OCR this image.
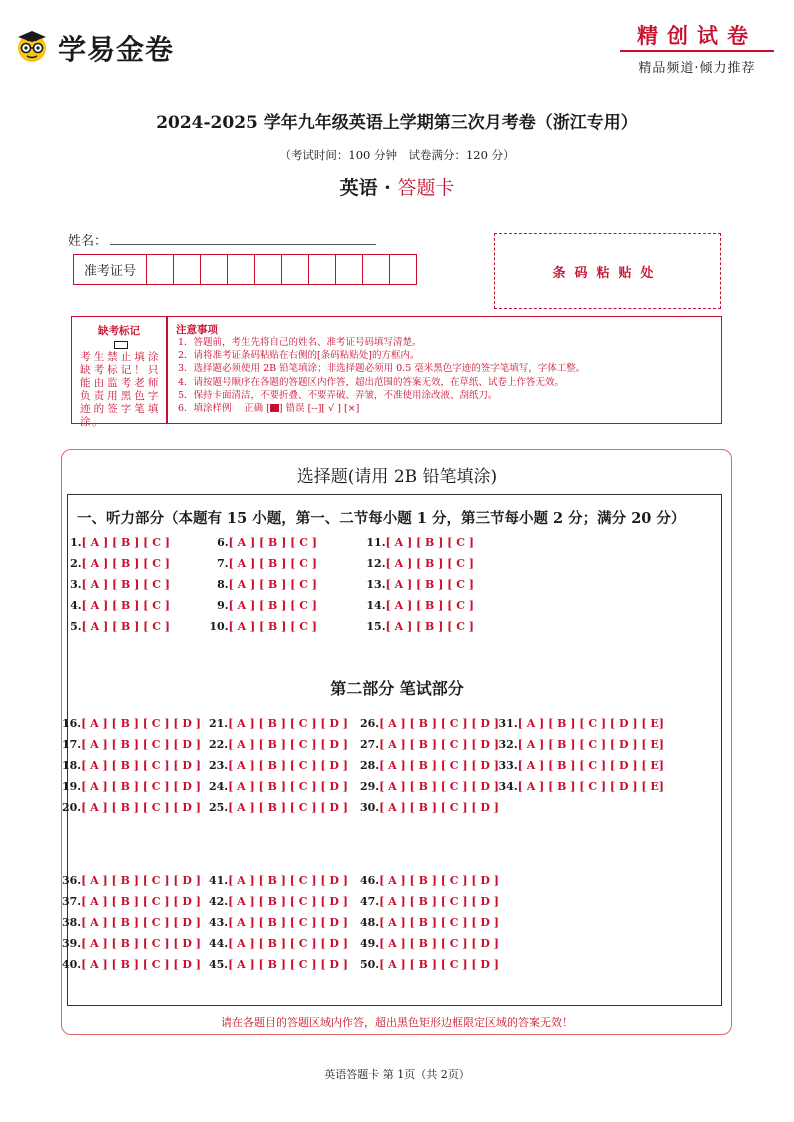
学易金卷	精创试卷
精品频道·倾力推荐
2024-2025 学年九年级英语上学期第三次月考卷（浙江专用）
（考试时间：100 分钟　试卷满分：120 分）
英语 · 答题卡
姓名：
准考证号											条码粘贴处
缺考标记
考生禁止填涂缺考标记！只能由监考老师负责用黑色字迹的签字笔填涂。
注意事项
1．答题前，考生先将自己的姓名、准考证号码填写清楚。
2．请将准考证条码粘贴在右侧的[条码粘贴处]的方框内。
3．选择题必须使用 2B 铅笔填涂；非选择题必须用 0.5 毫米黑色字迹的签字笔填写，字体工整。
4．请按题号顺序在各题的答题区内作答，超出范围的答案无效，在草纸、试卷上作答无效。
5．保持卡面清洁，不要折叠、不要弄破、弄皱，不准使用涂改液、刮纸刀。
6．填涂样例　 正确 [ ] 错误 [--][ √ ] [×]
选择题(请用 2B 铅笔填涂)
一、听力部分（本题有 15 小题，第一、二节每小题 1 分，第三节每小题 2 分；满分 20 分）
第二部分 笔试部分
1.[ A ] [ B ] [ C ]
2.[ A ] [ B ] [ C ]
3.[ A ] [ B ] [ C ]
4.[ A ] [ B ] [ C ]
5.[ A ] [ B ] [ C ]
6.[ A ] [ B ] [ C ]
7.[ A ] [ B ] [ C ]
8.[ A ] [ B ] [ C ]
9.[ A ] [ B ] [ C ]
10.[ A ] [ B ] [ C ]
11.[ A ] [ B ] [ C ]
12.[ A ] [ B ] [ C ]
13.[ A ] [ B ] [ C ]
14.[ A ] [ B ] [ C ]
15.[ A ] [ B ] [ C ]
16.[ A ] [ B ] [ C ] [ D ]
17.[ A ] [ B ] [ C ] [ D ]
18.[ A ] [ B ] [ C ] [ D ]
19.[ A ] [ B ] [ C ] [ D ]
20.[ A ] [ B ] [ C ] [ D ]
21.[ A ] [ B ] [ C ] [ D ]
22.[ A ] [ B ] [ C ] [ D ]
23.[ A ] [ B ] [ C ] [ D ]
24.[ A ] [ B ] [ C ] [ D ]
25.[ A ] [ B ] [ C ] [ D ]
26.[ A ] [ B ] [ C ] [ D ]
27.[ A ] [ B ] [ C ] [ D ]
28.[ A ] [ B ] [ C ] [ D ]
29.[ A ] [ B ] [ C ] [ D ]
30.[ A ] [ B ] [ C ] [ D ]
31.[ A ] [ B ] [ C ] [ D ] [ E]
32.[ A ] [ B ] [ C ] [ D ] [ E]
33.[ A ] [ B ] [ C ] [ D ] [ E]
34.[ A ] [ B ] [ C ] [ D ] [ E]
36.[ A ] [ B ] [ C ] [ D ]
37.[ A ] [ B ] [ C ] [ D ]
38.[ A ] [ B ] [ C ] [ D ]
39.[ A ] [ B ] [ C ] [ D ]
40.[ A ] [ B ] [ C ] [ D ]
41.[ A ] [ B ] [ C ] [ D ]
42.[ A ] [ B ] [ C ] [ D ]
43.[ A ] [ B ] [ C ] [ D ]
44.[ A ] [ B ] [ C ] [ D ]
45.[ A ] [ B ] [ C ] [ D ]
46.[ A ] [ B ] [ C ] [ D ]
47.[ A ] [ B ] [ C ] [ D ]
48.[ A ] [ B ] [ C ] [ D ]
49.[ A ] [ B ] [ C ] [ D ]
50.[ A ] [ B ] [ C ] [ D ]
请在各题目的答题区域内作答，超出黑色矩形边框限定区域的答案无效！
英语答题卡 第 1页（共 2页）
